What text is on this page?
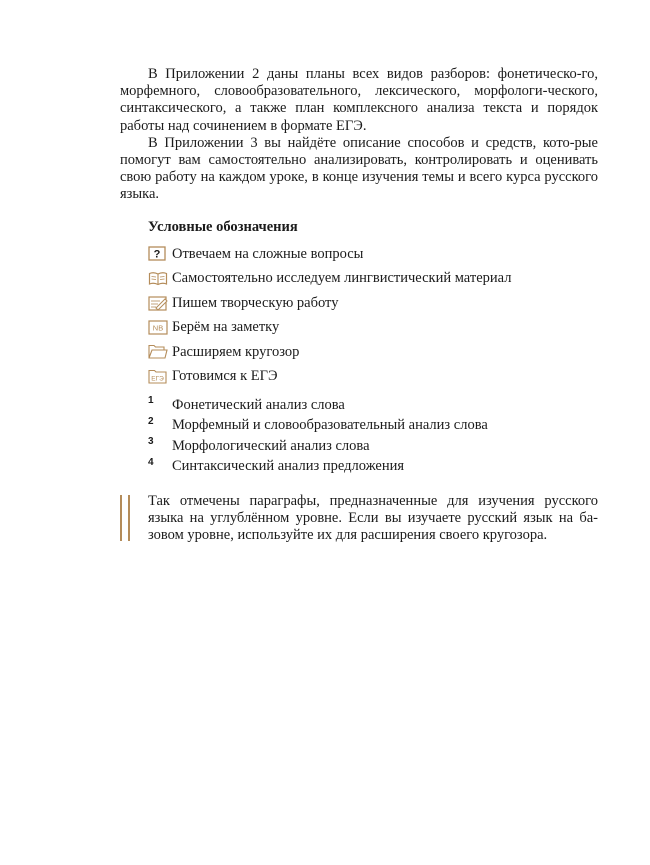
В Приложении 2 даны планы всех видов разборов: фонетическо-го, морфемного, словообразовательного, лексического, морфологи-ческого, синтаксического, а также план комплексного анализа текста и порядок работы над сочинением в формате ЕГЭ.

В Приложении 3 вы найдёте описание способов и средств, кото-рые помогут вам самостоятельно анализировать, контролировать и оценивать свою работу на каждом уроке, в конце изучения темы и всего курса русского языка.

Условные обозначения

? Отвечаем на сложные вопросы
Самостоятельно исследуем лингвистический материал
Пишем творческую работу
NB Берём на заметку
Расширяем кругозор
ЕГЭ Готовимся к ЕГЭ
1	Фонетический анализ слова
2	Морфемный и словообразовательный анализ слова
3	Морфологический анализ слова
4	Синтаксический анализ предложения

Так отмечены параграфы, предназначенные для изучения русского языка на углублённом уровне. Если вы изучаете русский язык на ба-зовом уровне, используйте их для расширения своего кругозора.
